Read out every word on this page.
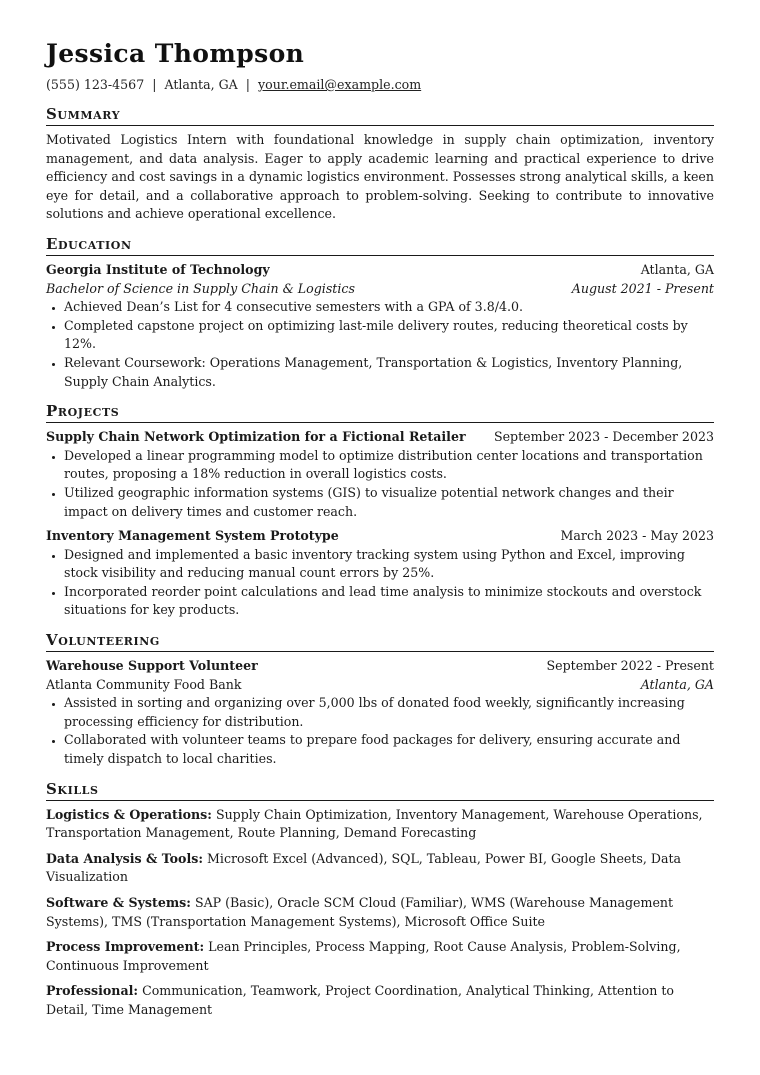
Jessica Thompson
(555) 123-4567 | Atlanta, GA | your.email@example.com
Summary

Motivated Logistics Intern with foundational knowledge in supply chain optimization, inventory management, and data analysis. Eager to apply academic learning and practical experience to drive efficiency and cost savings in a dynamic logistics environment. Possesses strong analytical skills, a keen eye for detail, and a collaborative approach to problem-solving. Seeking to contribute to innovative solutions and achieve operational excellence.

Education
Georgia Institute of Technology	Atlanta, GA
Bachelor of Science in Supply Chain & Logistics	August 2021 - Present
• Achieved Dean’s List for 4 consecutive semesters with a GPA of 3.8/4.0.
• Completed capstone project on optimizing last-mile delivery routes, reducing theoretical costs by 12%.
• Relevant Coursework: Operations Management, Transportation & Logistics, Inventory Planning, Supply Chain Analytics.
Projects
Supply Chain Network Optimization for a Fictional Retailer September 2023 - December 2023
• Developed a linear programming model to optimize distribution center locations and transportation routes, proposing a 18% reduction in overall logistics costs.
• Utilized geographic information systems (GIS) to visualize potential network changes and their impact on delivery times and customer reach.
Inventory Management System Prototype	March 2023 - May 2023
• Designed and implemented a basic inventory tracking system using Python and Excel, improving stock visibility and reducing manual count errors by 25%.
• Incorporated reorder point calculations and lead time analysis to minimize stockouts and overstock situations for key products.
Volunteering
Warehouse Support Volunteer	September 2022 - Present
Atlanta Community Food Bank	Atlanta, GA
• Assisted in sorting and organizing over 5,000 lbs of donated food weekly, significantly increasing processing efficiency for distribution.
• Collaborated with volunteer teams to prepare food packages for delivery, ensuring accurate and timely dispatch to local charities.
Skills
Logistics & Operations: Supply Chain Optimization, Inventory Management, Warehouse Operations, Transportation Management, Route Planning, Demand Forecasting
Data Analysis & Tools: Microsoft Excel (Advanced), SQL, Tableau, Power BI, Google Sheets, Data Visualization
Software & Systems: SAP (Basic), Oracle SCM Cloud (Familiar), WMS (Warehouse Management Systems), TMS (Transportation Management Systems), Microsoft Office Suite
Process Improvement: Lean Principles, Process Mapping, Root Cause Analysis, Problem-Solving, Continuous Improvement
Professional: Communication, Teamwork, Project Coordination, Analytical Thinking, Attention to Detail, Time Management
